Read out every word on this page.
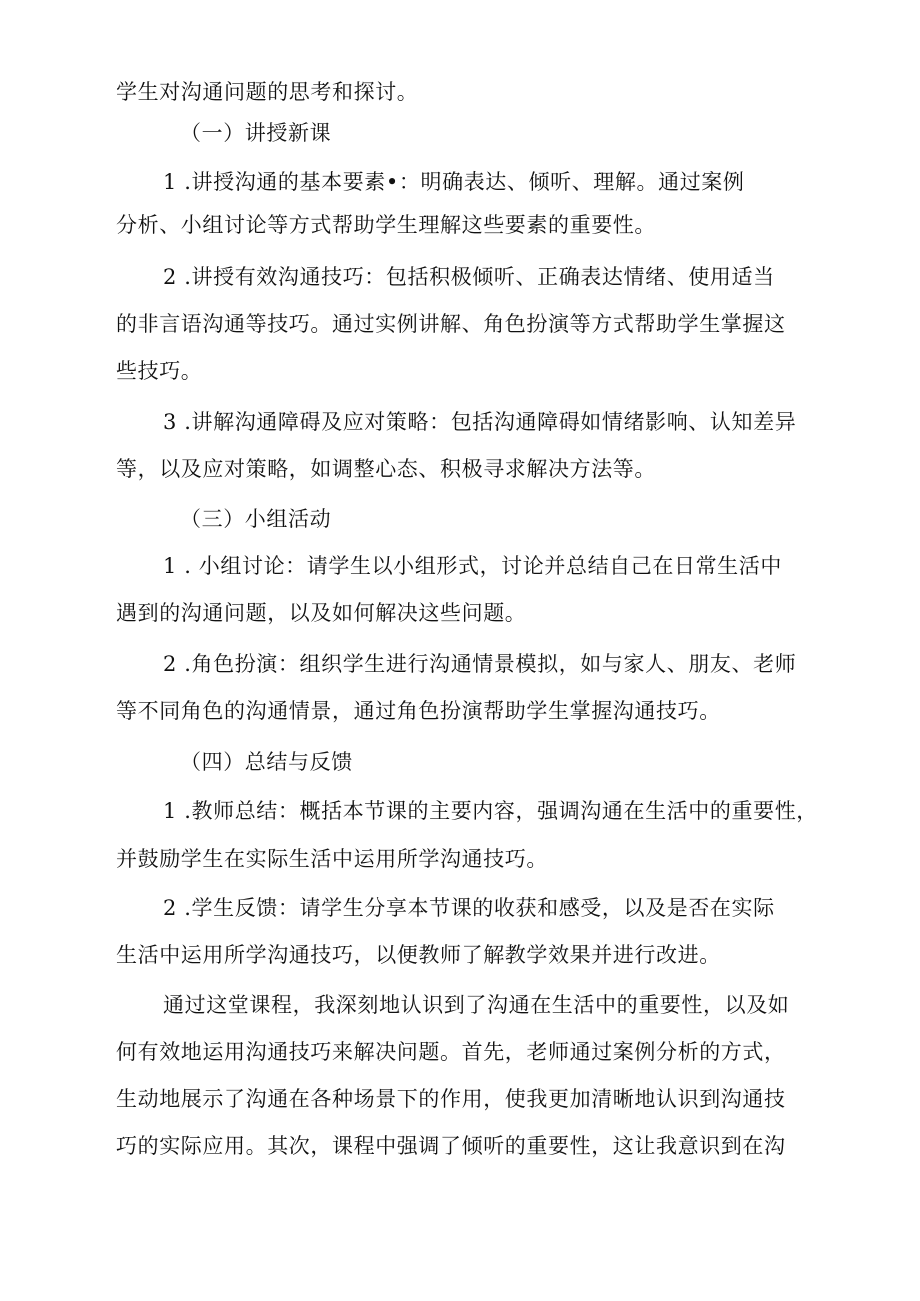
学生对沟通问题的思考和探讨。
（一）讲授新课
1 .讲授沟通的基本要素•：明确表达、倾听、理解。通过案例
分析、小组讨论等方式帮助学生理解这些要素的重要性。
2 .讲授有效沟通技巧：包括积极倾听、正确表达情绪、使用适当
的非言语沟通等技巧。通过实例讲解、角色扮演等方式帮助学生掌握这
些技巧。
3 .讲解沟通障碍及应对策略：包括沟通障碍如情绪影响、认知差异
等，以及应对策略，如调整心态、积极寻求解决方法等。
（三）小组活动
1 . 小组讨论：请学生以小组形式，讨论并总结自己在日常生活中
遇到的沟通问题，以及如何解决这些问题。
2 .角色扮演：组织学生进行沟通情景模拟，如与家人、朋友、老师
等不同角色的沟通情景，通过角色扮演帮助学生掌握沟通技巧。
（四）总结与反馈
1 .教师总结：概括本节课的主要内容，强调沟通在生活中的重要性，
并鼓励学生在实际生活中运用所学沟通技巧。
2 .学生反馈：请学生分享本节课的收获和感受，以及是否在实际
生活中运用所学沟通技巧，以便教师了解教学效果并进行改进。
通过这堂课程，我深刻地认识到了沟通在生活中的重要性，以及如
何有效地运用沟通技巧来解决问题。首先，老师通过案例分析的方式，
生动地展示了沟通在各种场景下的作用，使我更加清晰地认识到沟通技
巧的实际应用。其次，课程中强调了倾听的重要性，这让我意识到在沟
